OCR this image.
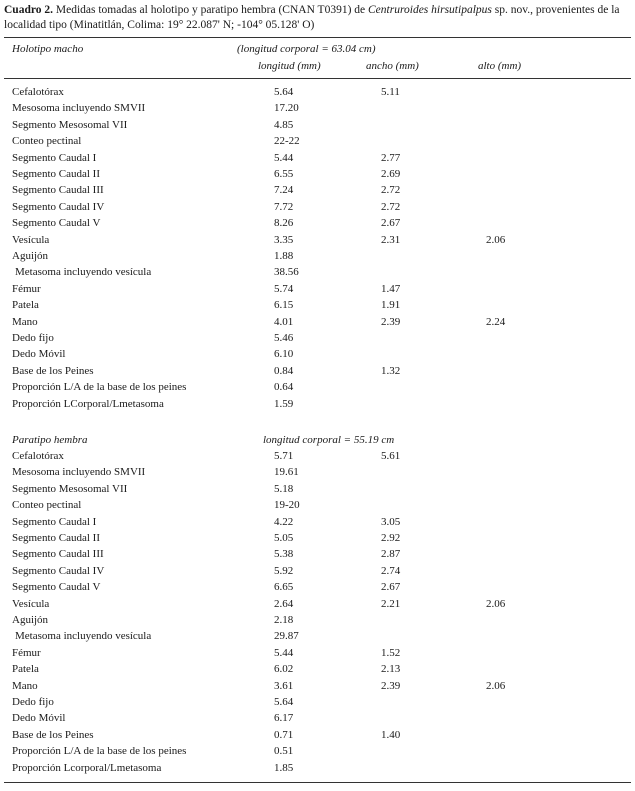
Cuadro 2. Medidas tomadas al holotipo y paratipo hembra (CNAN T0391) de Centruroides hirsutipalpus sp. nov., provenientes de la localidad tipo (Minatitlán, Colima: 19° 22.087' N; -104° 05.128' O)
Holotipo macho	(longitud corporal = 63.04 cm)
longitud (mm)	ancho (mm)	alto (mm)
Cefalotórax	5.64	5.11
Mesosoma incluyendo SMVII	17.20
Segmento Mesosomal VII	4.85
Conteo pectinal	22-22
Segmento Caudal I	5.44	2.77
Segmento Caudal II	6.55	2.69
Segmento Caudal III	7.24	2.72
Segmento Caudal IV	7.72	2.72
Segmento Caudal V	8.26	2.67
Vesícula	3.35	2.31	2.06
Aguijón	1.88
Metasoma incluyendo vesícula	38.56
Fémur	5.74	1.47
Patela	6.15	1.91
Mano	4.01	2.39	2.24
Dedo fijo	5.46
Dedo Móvil	6.10
Base de los Peines	0.84	1.32
Proporción L/A de la base de los peines	0.64
Proporción LCorporal/Lmetasoma	1.59
Paratipo hembra	longitud corporal = 55.19 cm
Cefalotórax	5.71	5.61
Mesosoma incluyendo SMVII	19.61
Segmento Mesosomal VII	5.18
Conteo pectinal	19-20
Segmento Caudal I	4.22	3.05
Segmento Caudal II	5.05	2.92
Segmento Caudal III	5.38	2.87
Segmento Caudal IV	5.92	2.74
Segmento Caudal V	6.65	2.67
Vesícula	2.64	2.21	2.06
Aguijón	2.18
Metasoma incluyendo vesícula	29.87
Fémur	5.44	1.52
Patela	6.02	2.13
Mano	3.61	2.39	2.06
Dedo fijo	5.64
Dedo Móvil	6.17
Base de los Peines	0.71	1.40
Proporción L/A de la base de los peines	0.51
Proporción Lcorporal/Lmetasoma	1.85
